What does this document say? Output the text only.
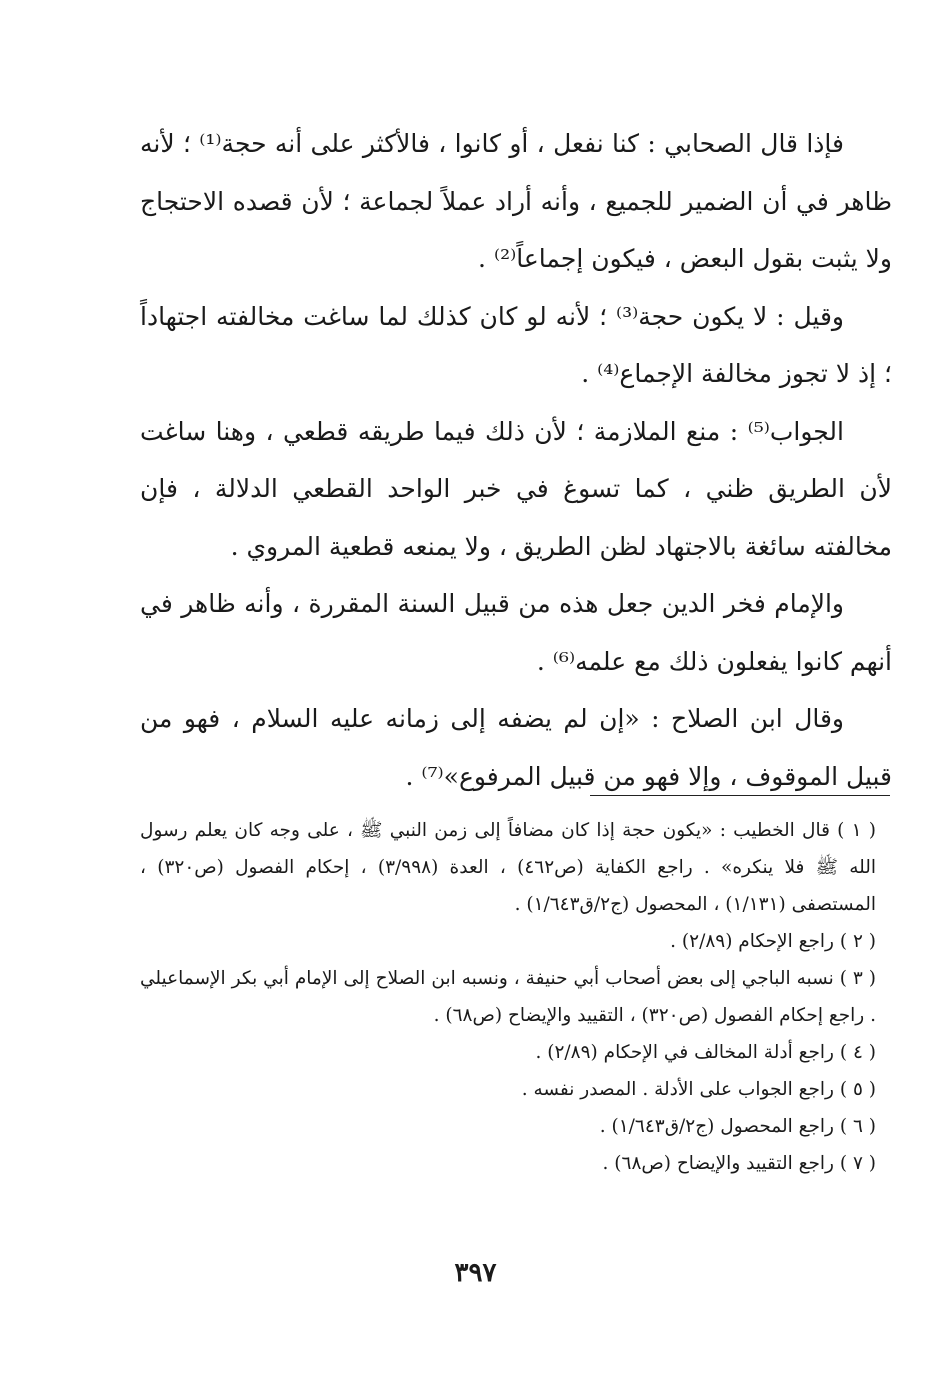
فإذا قال الصحابي : كنا نفعل ، أو كانوا ، فالأكثر على أنه حجة⁽¹⁾ ؛ لأنه ظاهر في أن الضمير للجميع ، وأنه أراد عملاً لجماعة ؛ لأن قصده الاحتجاج ولا يثبت بقول البعض ، فيكون إجماعاً⁽²⁾ .

وقيل : لا يكون حجة⁽³⁾ ؛ لأنه لو كان كذلك لما ساغت مخالفته اجتهاداً ؛ إذ لا تجوز مخالفة الإجماع⁽⁴⁾ .

الجواب⁽⁵⁾ : منع الملازمة ؛ لأن ذلك فيما طريقه قطعي ، وهنا ساغت لأن الطريق ظني ، كما تسوغ في خبر الواحد القطعي الدلالة ، فإن مخالفته سائغة بالاجتهاد لظن الطريق ، ولا يمنعه قطعية المروي .

والإمام فخر الدين جعل هذه من قبيل السنة المقررة ، وأنه ظاهر في أنهم كانوا يفعلون ذلك مع علمه⁽⁶⁾ .

وقال ابن الصلاح : «إن لم يضفه إلى زمانه عليه السلام ، فهو من قبيل الموقوف ، وإلا فهو من قبيل المرفوع»⁽⁷⁾ .

( ١ ) قال الخطيب : «يكون حجة إذا كان مضافاً إلى زمن النبي ﷺ ، على وجه كان يعلم رسول الله ﷺ فلا ينكره» . راجع الكفاية (ص٤٦٢) ، العدة (٣/٩٩٨) ، إحكام الفصول (ص٣٢٠) ، المستصفى (١/١٣١) ، المحصول (ج٢/ق١/٦٤٣) .

( ٢ ) راجع الإحكام (٢/٨٩) .

( ٣ ) نسبه الباجي إلى بعض أصحاب أبي حنيفة ، ونسبه ابن الصلاح إلى الإمام أبي بكر الإسماعيلي . راجع إحكام الفصول (ص٣٢٠) ، التقييد والإيضاح (ص٦٨) .

( ٤ ) راجع أدلة المخالف في الإحكام (٢/٨٩) .

( ٥ ) راجع الجواب على الأدلة . المصدر نفسه .

( ٦ ) راجع المحصول (ج٢/ق١/٦٤٣) .

( ٧ ) راجع التقييد والإيضاح (ص٦٨) .

٣٩٧
